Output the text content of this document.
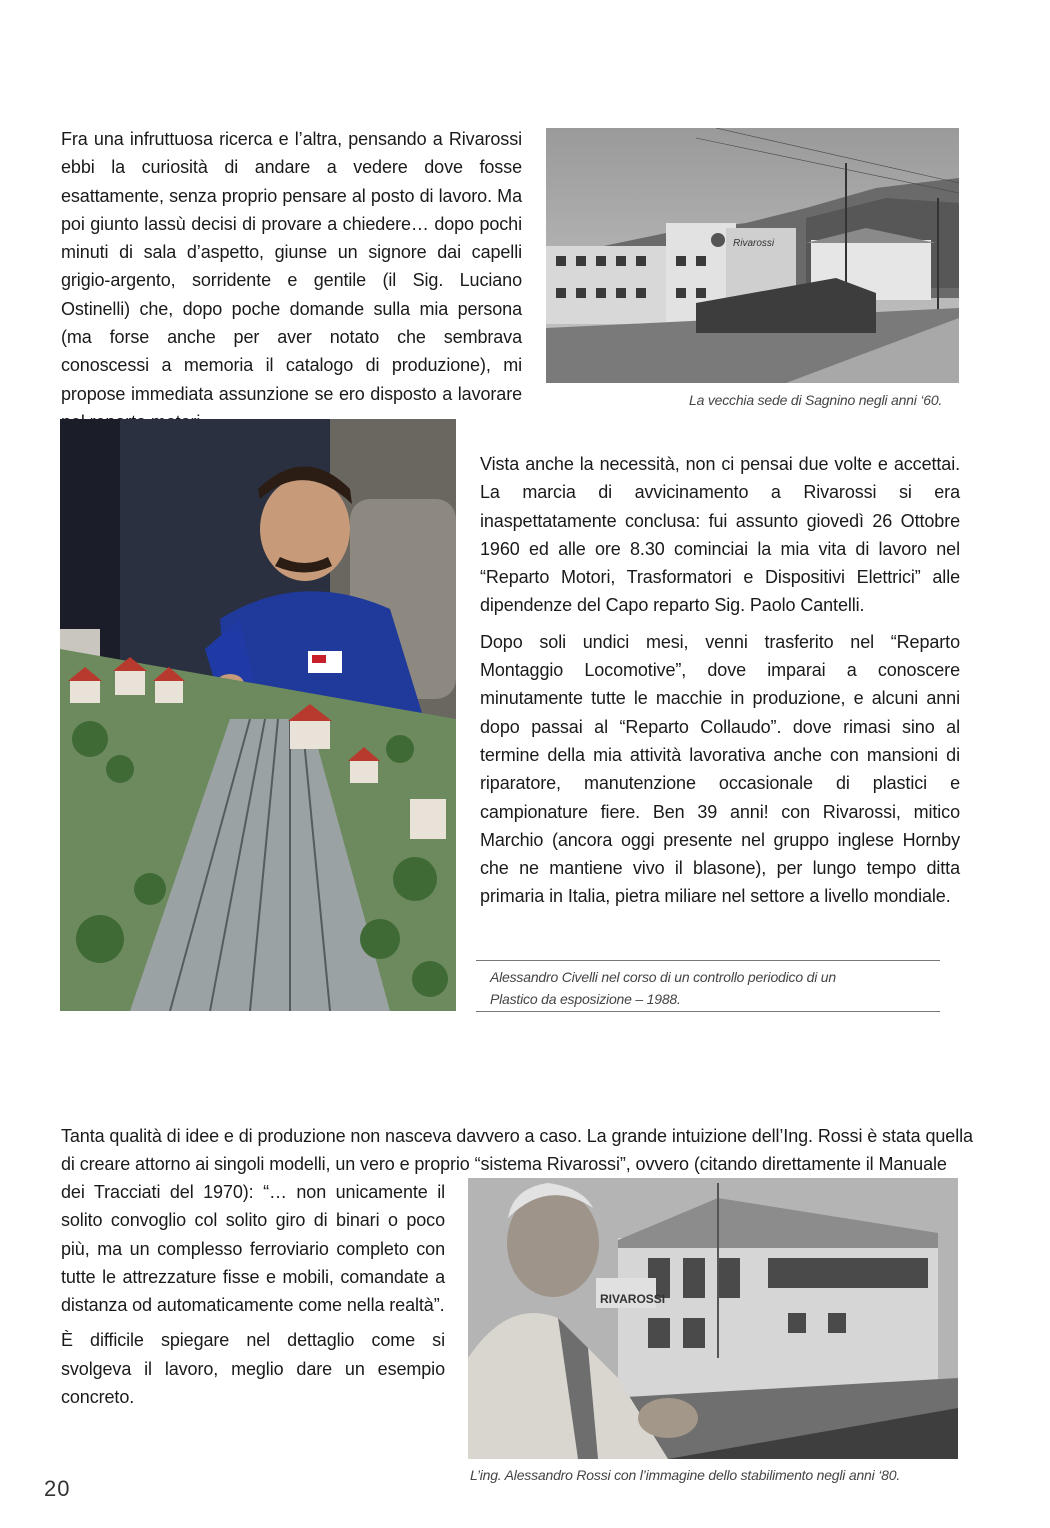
Fra una infruttuosa ricerca e l’altra, pensando a Rivarossi ebbi la curiosità di andare a vedere dove fosse esattamente, senza proprio pensare al posto di lavoro. Ma poi giunto lassù decisi di provare a chiedere… dopo pochi minuti di sala d’aspetto, giunse un signore dai capelli grigio-argento, sorridente e gentile (il Sig. Luciano Ostinelli) che, dopo poche domande sulla mia persona (ma forse anche per aver notato che sembrava conoscessi a memoria il catalogo di produzione), mi propose immediata assunzione se ero disposto a lavorare

Rivarossi
La vecchia sede di Sagnino negli anni ‘60.

Vista anche la necessità, non ci pensai due volte e accettai. La marcia di avvicinamento a Rivarossi si era inaspettatamente conclusa: fui assunto giovedì 26 Ottobre 1960 ed alle ore 8.30 cominciai la mia vita di lavoro nel “Reparto Motori, Trasformatori e Dispositivi Elettrici” alle dipendenze del Capo reparto Sig. Paolo Cantelli.

Dopo soli undici mesi, venni trasferito nel “Reparto Montaggio Locomotive”, dove imparai a conoscere minutamente tutte le macchie in produzione, e alcuni anni dopo passai al “Reparto Collaudo”. dove rimasi sino al termine della mia attività lavorativa anche con mansioni di riparatore, manutenzione occasionale di plastici e campionature fiere. Ben 39 anni! con Rivarossi, mitico Marchio (ancora oggi presente nel gruppo inglese Hornby che ne mantiene vivo il blasone), per lungo tempo ditta primaria in Italia, pietra miliare nel settore a livello mondiale.

Alessandro Civelli nel corso di un controllo periodico di un
Plastico da esposizione – 1988.
Tanta qualità di idee e di produzione non nasceva davvero a caso. La grande intuizione dell’Ing. Rossi è stata quella
di creare attorno ai singoli modelli, un vero e proprio “sistema Rivarossi”, ovvero (citando direttamente il Manuale

dei Tracciati del 1970): “… non unicamente il solito convoglio col solito giro di binari o poco più, ma un complesso ferroviario completo con tutte le attrezzature fisse e mobili, comandate a distanza od automaticamente come nella realtà”.

È difficile spiegare nel dettaglio come si svolgeva il lavoro, meglio dare un esempio concreto.

RIVAROSSI
L’ing. Alessandro Rossi con l’immagine dello stabilimento negli anni ‘80.
20
